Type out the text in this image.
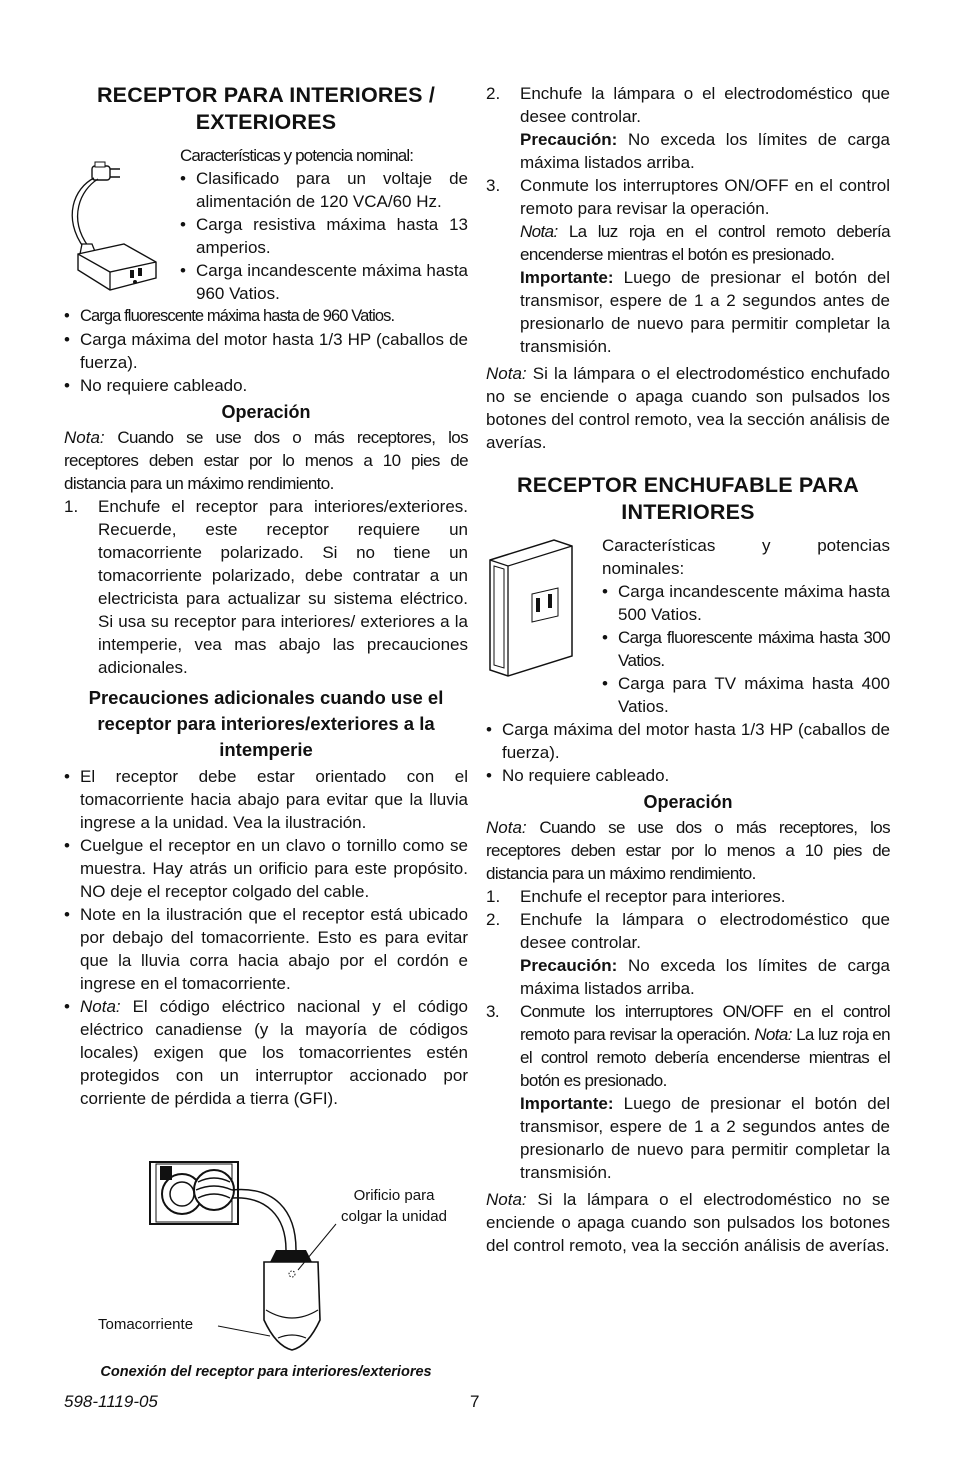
RECEPTOR PARA INTERIORES / EXTERIORES

Características y potencia nominal:

• Clasificado para un voltaje de alimentación de 120 VCA/60 Hz.
• Carga resistiva máxima hasta 13 amperios.
• Carga incandescente máxima hasta 960 Vatios.
• Carga fluorescente máxima hasta de 960 Vatios.
• Carga máxima del motor hasta 1/3 HP (caballos de fuerza).
• No requiere cableado.
Operación

Nota: Cuando se use dos o más receptores, los receptores deben estar por lo menos a 10 pies de distancia para un máximo rendimiento.

1. Enchufe el receptor para interiores/exteriores. Recuerde, este receptor requiere un tomacorriente polarizado. Si no tiene un tomacorriente polarizado, debe contratar a un electricista para actualizar su sistema eléctrico. Si usa su receptor para interiores/ exteriores a la intemperie, vea mas abajo las precauciones adicionales.
Precauciones adicionales cuando use el receptor para interiores/exteriores a la intemperie
• El receptor debe estar orientado con el tomacorriente hacia abajo para evitar que la lluvia ingrese a la unidad. Vea la ilustración.
• Cuelgue el receptor en un clavo o tornillo como se muestra. Hay atrás un orificio para este propósito. NO deje el receptor colgado del cable.
• Note en la ilustración que el receptor está ubicado por debajo del tomacorriente. Esto es para evitar que la lluvia corra hacia abajo por el cordón e ingrese en el tomacorriente.
• Nota: El código eléctrico nacional y el código eléctrico canadiense (y la mayoría de códigos locales) exigen que los tomacorrientes estén protegidos con un interruptor accionado por corriente de pérdida a tierra (GFI).
Orificio para
colgar la unidad
Tomacorriente
Conexión del receptor para interiores/exteriores
2. Enchufe la lámpara o el electrodoméstico que desee controlar.
Precaución: No exceda los límites de carga máxima listados arriba.
3. Conmute los interruptores ON/OFF en el control remoto para revisar la operación.
Nota: La luz roja en el control remoto debería encenderse mientras el botón es presionado.
Importante: Luego de presionar el botón del transmisor, espere de 1 a 2 segundos antes de presionarlo de nuevo para permitir completar la transmisión.

Nota: Si la lámpara o el electrodoméstico enchufado no se enciende o apaga cuando son pulsados los botones del control remoto, vea la sección análisis de averías.

RECEPTOR ENCHUFABLE PARA INTERIORES

Características y potencias nominales:

• Carga incandescente máxima hasta 500 Vatios.
• Carga fluorescente máxima hasta 300 Vatios.
• Carga para TV máxima hasta 400 Vatios.
• Carga máxima del motor hasta 1/3 HP (caballos de fuerza).
• No requiere cableado.
Operación

Nota: Cuando se use dos o más receptores, los receptores deben estar por lo menos a 10 pies de distancia para un máximo rendimiento.

1. Enchufe el receptor para interiores.
2. Enchufe la lámpara o electrodoméstico que desee controlar.
Precaución: No exceda los límites de carga máxima listados arriba.
3. Conmute los interruptores ON/OFF en el control remoto para revisar la operación. Nota: La luz roja en el control remoto debería encenderse mientras el botón es presionado.
Importante: Luego de presionar el botón del transmisor, espere de 1 a 2 segundos antes de presionarlo de nuevo para permitir completar la transmisión.

Nota: Si la lámpara o el electrodoméstico no se enciende o apaga cuando son pulsados los botones del control remoto, vea la sección análisis de averías.

598-1119-05	7
